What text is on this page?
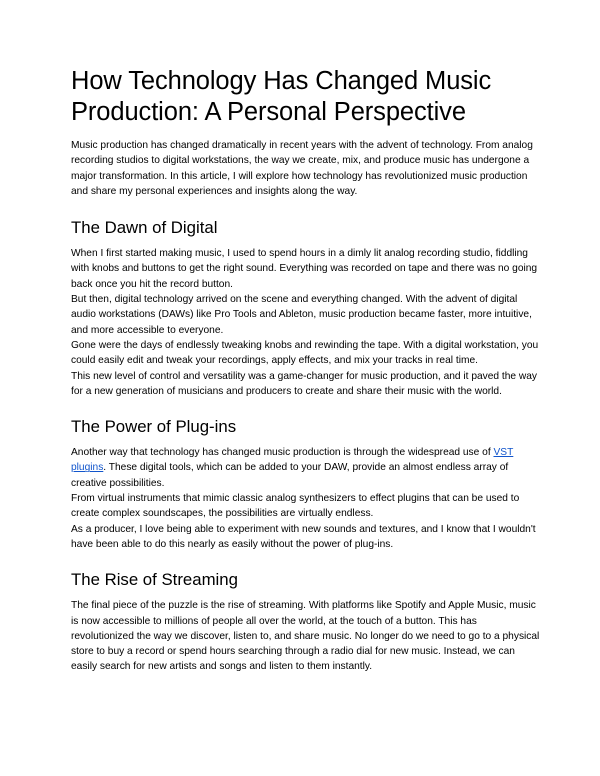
How Technology Has Changed Music Production: A Personal Perspective

Music production has changed dramatically in recent years with the advent of technology. From analog recording studios to digital workstations, the way we create, mix, and produce music has undergone a major transformation. In this article, I will explore how technology has revolutionized music production and share my personal experiences and insights along the way.

The Dawn of Digital

When I first started making music, I used to spend hours in a dimly lit analog recording studio, fiddling with knobs and buttons to get the right sound. Everything was recorded on tape and there was no going back once you hit the record button.

But then, digital technology arrived on the scene and everything changed. With the advent of digital audio workstations (DAWs) like Pro Tools and Ableton, music production became faster, more intuitive, and more accessible to everyone.

Gone were the days of endlessly tweaking knobs and rewinding the tape. With a digital workstation, you could easily edit and tweak your recordings, apply effects, and mix your tracks in real time.

This new level of control and versatility was a game-changer for music production, and it paved the way for a new generation of musicians and producers to create and share their music with the world.

The Power of Plug-ins

Another way that technology has changed music production is through the widespread use of VST plugins. These digital tools, which can be added to your DAW, provide an almost endless array of creative possibilities.

From virtual instruments that mimic classic analog synthesizers to effect plugins that can be used to create complex soundscapes, the possibilities are virtually endless.

As a producer, I love being able to experiment with new sounds and textures, and I know that I wouldn't have been able to do this nearly as easily without the power of plug-ins.

The Rise of Streaming

The final piece of the puzzle is the rise of streaming. With platforms like Spotify and Apple Music, music is now accessible to millions of people all over the world, at the touch of a button. This has revolutionized the way we discover, listen to, and share music. No longer do we need to go to a physical store to buy a record or spend hours searching through a radio dial for new music. Instead, we can easily search for new artists and songs and listen to them instantly.
